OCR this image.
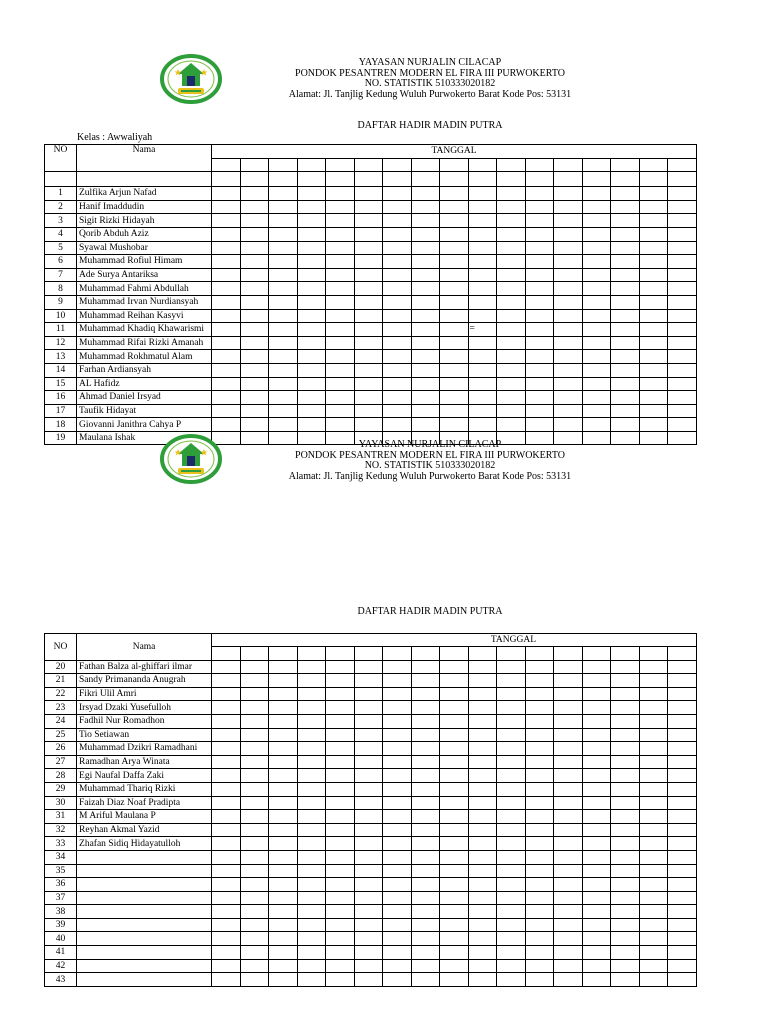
YAYASAN NURJALIN CILACAP
PONDOK PESANTREN MODERN EL FIRA III PURWOKERTO
NO. STATISTIK 510333020182
Alamat: Jl. Tanjlig Kedung Wuluh Purwokerto Barat Kode Pos: 53131
DAFTAR HADIR MADIN PUTRA
Kelas : Awwaliyah
NO	Nama	TANGGAL																

1	Zulfika Arjun Nafad																	
2	Hanif Imaddudin																	
3	Sigit Rizki Hidayah																	
4	Qorib Abduh Aziz																	
5	Syawal Mushobar																	
6	Muhammad Rofiul Himam																	
7	Ade Surya Antariksa																	
8	Muhammad Fahmi Abdullah																	
9	Muhammad Irvan Nurdiansyah																	
10	Muhammad Reihan Kasyvi																	
11	Muhammad Khadiq Khawarismi										=							
12	Muhammad Rifai Rizki Amanah																	
13	Muhammad Rokhmatul Alam																	
14	Farhan Ardiansyah																	
15	AL Hafidz																	
16	Ahmad Daniel Irsyad																	
17	Taufik Hidayat																	
18	Giovanni Janithra Cahya P																	
19	Maulana Ishak																	
YAYASAN NURJALIN CILACAP
PONDOK PESANTREN MODERN EL FIRA III PURWOKERTO
NO. STATISTIK 510333020182
Alamat: Jl. Tanjlig Kedung Wuluh Purwokerto Barat Kode Pos: 53131
DAFTAR HADIR MADIN PUTRA
NO	Nama	TANGGAL																

20	Fathan Balza al-ghiffari ilmar																	
21	Sandy Primananda Anugrah																	
22	Fikri Ulil Amri																	
23	Irsyad Dzaki Yusefulloh																	
24	Fadhil Nur Romadhon																	
25	Tio Setiawan																	
26	Muhammad Dzikri Ramadhani																	
27	Ramadhan Arya Winata																	
28	Egi Naufal Daffa Zaki																	
29	Muhammad Thariq Rizki																	
30	Faizah Diaz Noaf Pradipta																	
31	M Ariful Maulana P																	
32	Reyhan Akmal Yazid																	
33	Zhafan Sidiq Hidayatulloh																	
34																		
35																		
36																		
37																		
38																		
39																		
40																		
41																		
42																		
43																		
